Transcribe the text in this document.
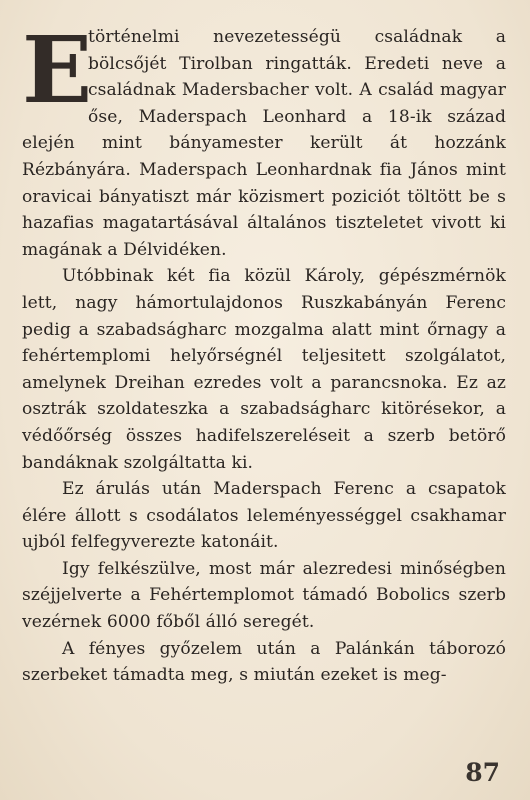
E
történelmi nevezetességü családnak a bölcsőjét Tirolban ringatták. Eredeti neve a családnak Madersbacher volt. A család magyar őse, Maderspach Leonhard a 18-ik század elején mint bányamester került át hozzánk Rézbányára. Maderspach Leonhardnak fia János mint oravicai bányatiszt már közismert poziciót töltött be s hazafias magatartásával általános tiszteletet vivott ki magának a Délvidéken.

Utóbbinak két fia közül Károly, gépészmérnök lett, nagy hámortulajdonos Ruszkabányán Ferenc pedig a szabadságharc mozgalma alatt mint őrnagy a fehértemplomi helyőrségnél teljesitett szolgálatot, amelynek Dreihan ezredes volt a parancsnoka. Ez az osztrák szoldateszka a szabadságharc kitörésekor, a védőőrség összes hadifelszereléseit a szerb betörő bandáknak szolgáltatta ki.

Ez árulás után Maderspach Ferenc a csapatok élére állott s csodálatos leleményességgel csakhamar ujból felfegyverezte katonáit.

Igy felkészülve, most már alezredesi minőségben széjjelverte a Fehértemplomot támadó Bobolics szerb vezérnek 6000 főből álló seregét.

A fényes győzelem után a Palánkán táborozó szerbeket támadta meg, s miután ezeket is meg-

87
